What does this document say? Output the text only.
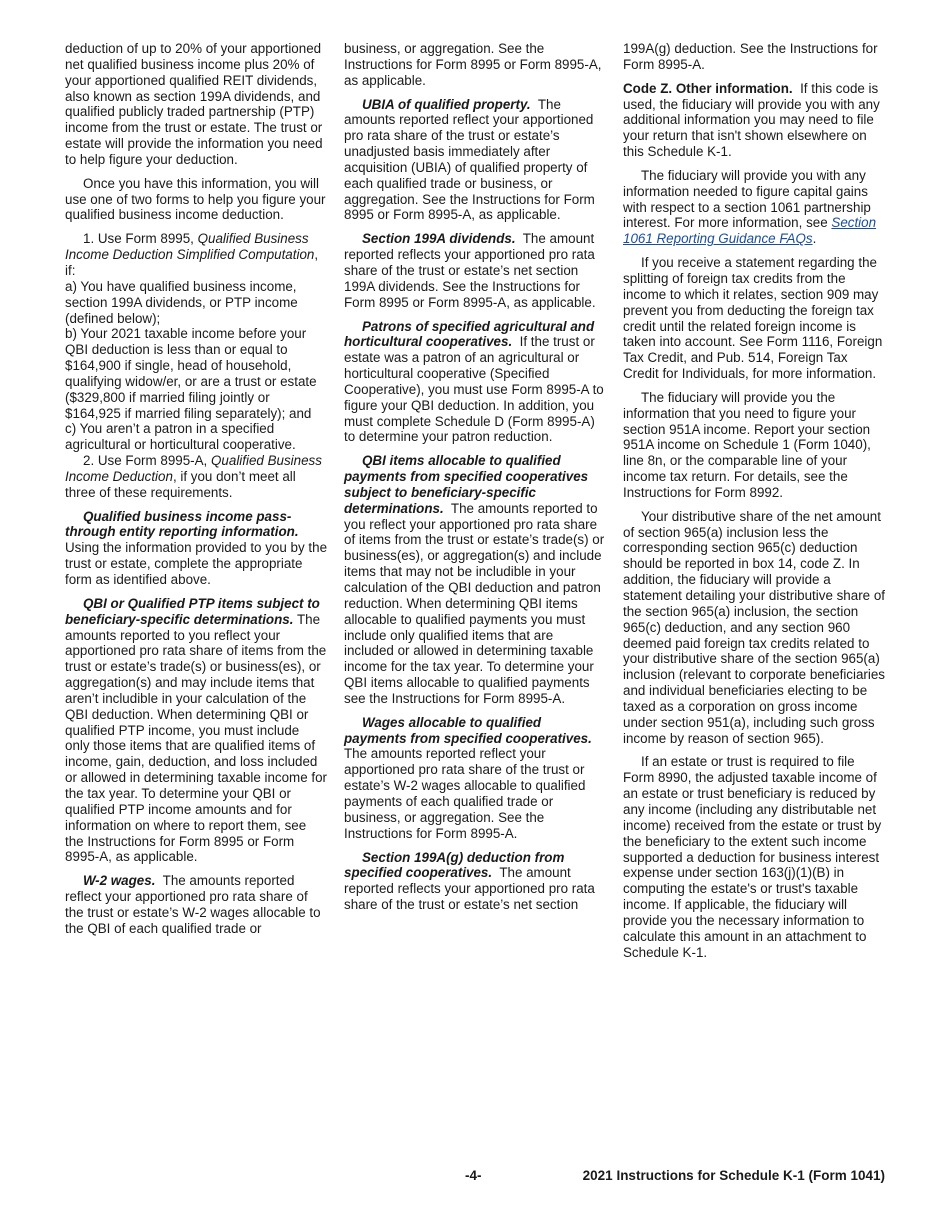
deduction of up to 20% of your apportioned net qualified business income plus 20% of your apportioned qualified REIT dividends, also known as section 199A dividends, and qualified publicly traded partnership (PTP) income from the trust or estate. The trust or estate will provide the information you need to help figure your deduction.

Once you have this information, you will use one of two forms to help you figure your qualified business income deduction.

1. Use Form 8995, Qualified Business Income Deduction Simplified Computation, if:

a) You have qualified business income, section 199A dividends, or PTP income (defined below);

b) Your 2021 taxable income before your QBI deduction is less than or equal to $164,900 if single, head of household, qualifying widow/er, or are a trust or estate ($329,800 if married filing jointly or $164,925 if married filing separately); and

c) You aren’t a patron in a specified agricultural or horticultural cooperative.

2. Use Form 8995-A, Qualified Business Income Deduction, if you don’t meet all three of these requirements.

Qualified business income pass-through entity reporting information.  Using the information provided to you by the trust or estate, complete the appropriate form as identified above.

QBI or Qualified PTP items subject to beneficiary-specific determinations. The amounts reported to you reflect your apportioned pro rata share of items from the trust or estate’s trade(s) or business(es), or aggregation(s) and may include items that aren’t includible in your calculation of the QBI deduction. When determining QBI or qualified PTP income, you must include only those items that are qualified items of income, gain, deduction, and loss included or allowed in determining taxable income for the tax year. To determine your QBI or qualified PTP income amounts and for information on where to report them, see the Instructions for Form 8995 or Form 8995-A, as applicable.

W-2 wages. The amounts reported reflect your apportioned pro rata share of the trust or estate’s W-2 wages allocable to the QBI of each qualified trade or

business, or aggregation. See the Instructions for Form 8995 or Form 8995-A, as applicable.

UBIA of qualified property. The amounts reported reflect your apportioned pro rata share of the trust or estate’s unadjusted basis immediately after acquisition (UBIA) of qualified property of each qualified trade or business, or aggregation. See the Instructions for Form 8995 or Form 8995-A, as applicable.

Section 199A dividends. The amount reported reflects your apportioned pro rata share of the trust or estate’s net section 199A dividends. See the Instructions for Form 8995 or Form 8995-A, as applicable.

Patrons of specified agricultural and horticultural cooperatives. If the trust or estate was a patron of an agricultural or horticultural cooperative (Specified Cooperative), you must use Form 8995-A to figure your QBI deduction. In addition, you must complete Schedule D (Form 8995-A) to determine your patron reduction.

QBI items allocable to qualified payments from specified cooperatives subject to beneficiary-specific determinations. The amounts reported to you reflect your apportioned pro rata share of items from the trust or estate’s trade(s) or business(es), or aggregation(s) and include items that may not be includible in your calculation of the QBI deduction and patron reduction. When determining QBI items allocable to qualified payments you must include only qualified items that are included or allowed in determining taxable income for the tax year. To determine your QBI items allocable to qualified payments see the Instructions for Form 8995-A.

Wages allocable to qualified payments from specified cooperatives. The amounts reported reflect your apportioned pro rata share of the trust or estate’s W-2 wages allocable to qualified payments of each qualified trade or business, or aggregation. See the Instructions for Form 8995-A.

Section 199A(g) deduction from specified cooperatives. The amount reported reflects your apportioned pro rata share of the trust or estate’s net section

199A(g) deduction. See the Instructions for Form 8995-A.

Code Z. Other information. If this code is used, the fiduciary will provide you with any additional information you may need to file your return that isn't shown elsewhere on this Schedule K-1.

The fiduciary will provide you with any information needed to figure capital gains with respect to a section 1061 partnership interest. For more information, see Section 1061 Reporting Guidance FAQs.

If you receive a statement regarding the splitting of foreign tax credits from the income to which it relates, section 909 may prevent you from deducting the foreign tax credit until the related foreign income is taken into account. See Form 1116, Foreign Tax Credit, and Pub. 514, Foreign Tax Credit for Individuals, for more information.

The fiduciary will provide you the information that you need to figure your section 951A income. Report your section 951A income on Schedule 1 (Form 1040), line 8n, or the comparable line of your income tax return. For details, see the Instructions for Form 8992.

Your distributive share of the net amount of section 965(a) inclusion less the corresponding section 965(c) deduction should be reported in box 14, code Z. In addition, the fiduciary will provide a statement detailing your distributive share of the section 965(a) inclusion, the section 965(c) deduction, and any section 960 deemed paid foreign tax credits related to your distributive share of the section 965(a) inclusion (relevant to corporate beneficiaries and individual beneficiaries electing to be taxed as a corporation on gross income under section 951(a), including such gross income by reason of section 965).

If an estate or trust is required to file Form 8990, the adjusted taxable income of an estate or trust beneficiary is reduced by any income (including any distributable net income) received from the estate or trust by the beneficiary to the extent such income supported a deduction for business interest expense under section 163(j)(1)(B) in computing the estate's or trust's taxable income. If applicable, the fiduciary will provide you the necessary information to calculate this amount in an attachment to Schedule K-1.

-4-	2021 Instructions for Schedule K-1 (Form 1041)
